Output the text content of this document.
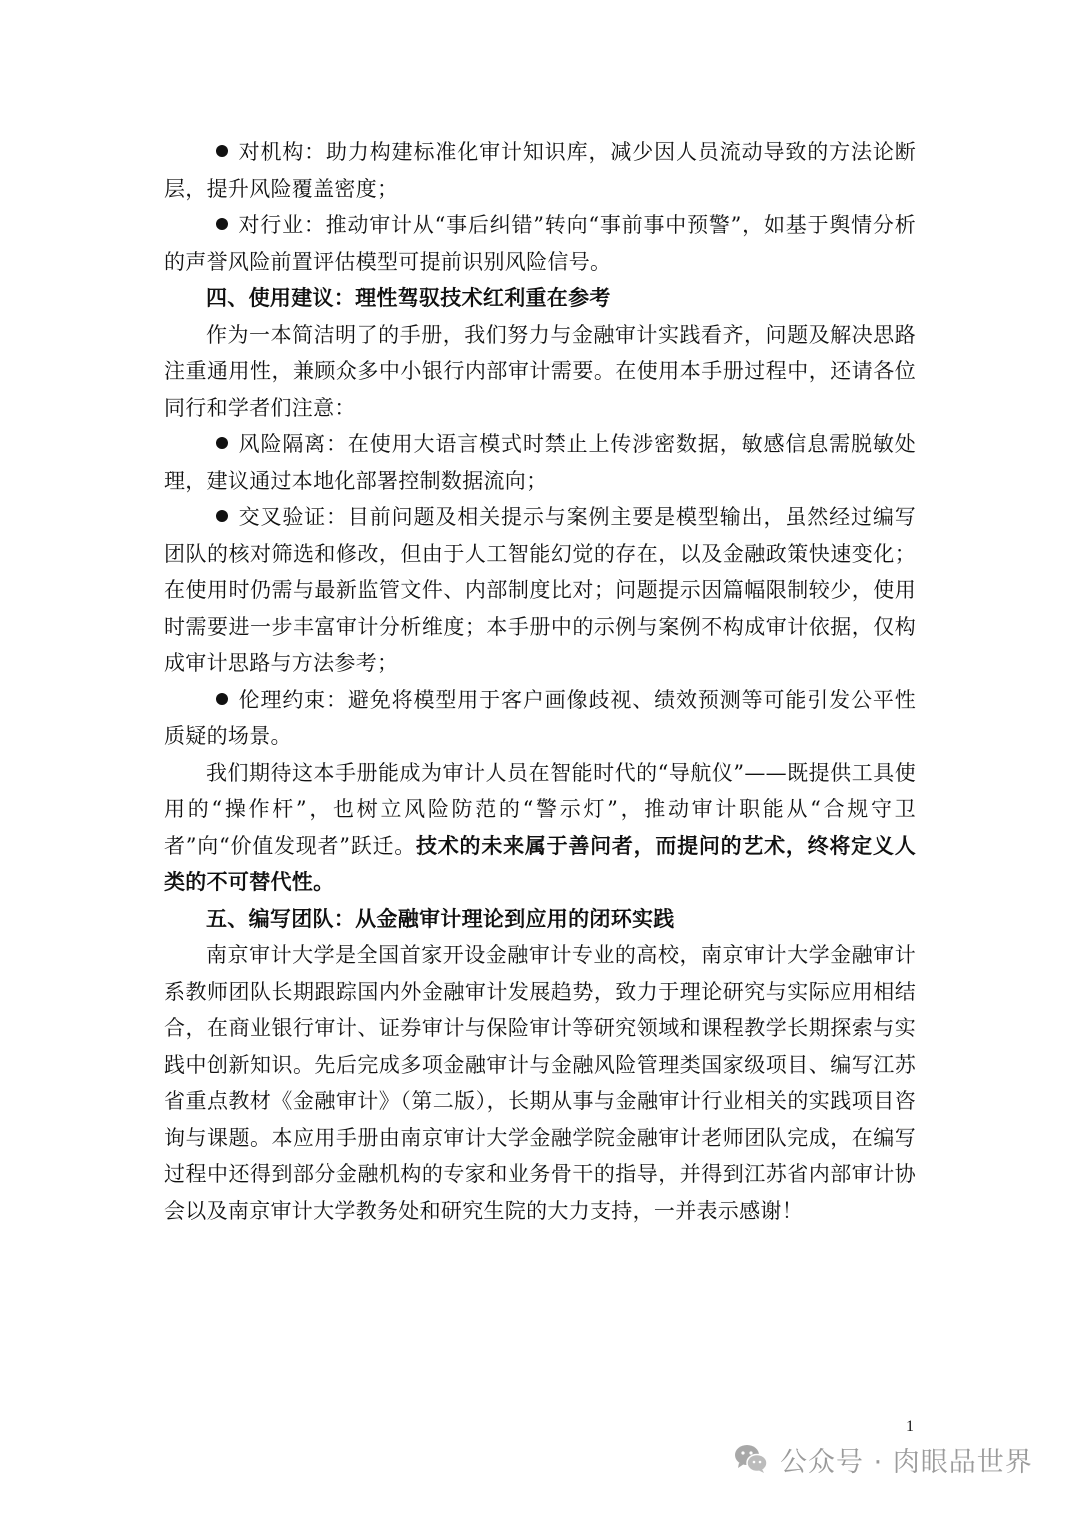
对机构：助力构建标准化审计知识库，减少因人员流动导致的方法论断层，提升风险覆盖密度；

对行业：推动审计从“事后纠错”转向“事前事中预警”，如基于舆情分析的声誉风险前置评估模型可提前识别风险信号。

四、使用建议：理性驾驭技术红利重在参考

作为一本简洁明了的手册，我们努力与金融审计实践看齐，问题及解决思路注重通用性，兼顾众多中小银行内部审计需要。在使用本手册过程中，还请各位同行和学者们注意：

风险隔离：在使用大语言模式时禁止上传涉密数据，敏感信息需脱敏处理，建议通过本地化部署控制数据流向；

交叉验证：目前问题及相关提示与案例主要是模型输出，虽然经过编写团队的核对筛选和修改，但由于人工智能幻觉的存在，以及金融政策快速变化；在使用时仍需与最新监管文件、内部制度比对；问题提示因篇幅限制较少，使用时需要进一步丰富审计分析维度；本手册中的示例与案例不构成审计依据，仅构成审计思路与方法参考；

伦理约束：避免将模型用于客户画像歧视、绩效预测等可能引发公平性质疑的场景。

我们期待这本手册能成为审计人员在智能时代的“导航仪”——既提供工具使用的“操作杆”，也树立风险防范的“警示灯”，推动审计职能从“合规守卫者”向“价值发现者”跃迁。技术的未来属于善问者，而提问的艺术，终将定义人类的不可替代性。

五、编写团队：从金融审计理论到应用的闭环实践

南京审计大学是全国首家开设金融审计专业的高校，南京审计大学金融审计系教师团队长期跟踪国内外金融审计发展趋势，致力于理论研究与实际应用相结合，在商业银行审计、证券审计与保险审计等研究领域和课程教学长期探索与实践中创新知识。先后完成多项金融审计与金融风险管理类国家级项目、编写江苏省重点教材《金融审计》（第二版），长期从事与金融审计行业相关的实践项目咨询与课题。本应用手册由南京审计大学金融学院金融审计老师团队完成，在编写过程中还得到部分金融机构的专家和业务骨干的指导，并得到江苏省内部审计协会以及南京审计大学教务处和研究生院的大力支持，一并表示感谢！

1
公众号 · 肉眼品世界
